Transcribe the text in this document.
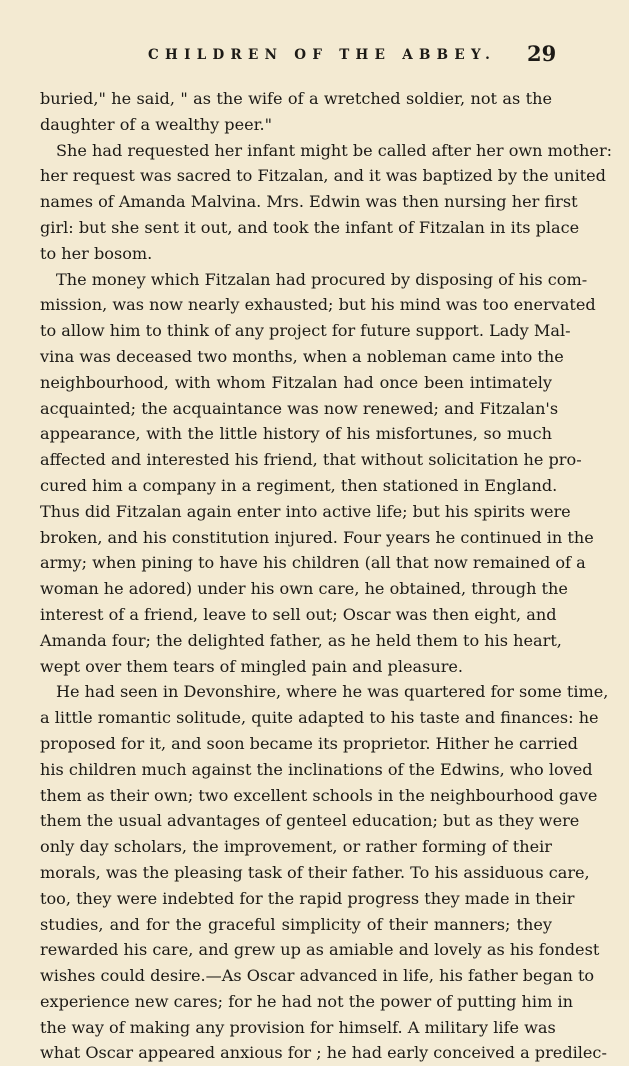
CHILDREN OF THE ABBEY. 29
buried," he said, " as the wife of a wretched soldier, not as the
daughter of a wealthy peer."
She had requested her infant might be called after her own mother:
her request was sacred to Fitzalan, and it was baptized by the united
names of Amanda Malvina. Mrs. Edwin was then nursing her first
girl: but she sent it out, and took the infant of Fitzalan in its place
to her bosom.
The money which Fitzalan had procured by disposing of his com-
mission, was now nearly exhausted; but his mind was too enervated
to allow him to think of any project for future support. Lady Mal-
vina was deceased two months, when a nobleman came into the
neighbourhood, with whom Fitzalan had once been intimately
acquainted; the acquaintance was now renewed; and Fitzalan's
appearance, with the little history of his misfortunes, so much
affected and interested his friend, that without solicitation he pro-
cured him a company in a regiment, then stationed in England.
Thus did Fitzalan again enter into active life; but his spirits were
broken, and his constitution injured. Four years he continued in the
army; when pining to have his children (all that now remained of a
woman he adored) under his own care, he obtained, through the
interest of a friend, leave to sell out; Oscar was then eight, and
Amanda four; the delighted father, as he held them to his heart,
wept over them tears of mingled pain and pleasure.
He had seen in Devonshire, where he was quartered for some time,
a little romantic solitude, quite adapted to his taste and finances: he
proposed for it, and soon became its proprietor. Hither he carried
his children much against the inclinations of the Edwins, who loved
them as their own; two excellent schools in the neighbourhood gave
them the usual advantages of genteel education; but as they were
only day scholars, the improvement, or rather forming of their
morals, was the pleasing task of their father. To his assiduous care,
too, they were indebted for the rapid progress they made in their
studies, and for the graceful simplicity of their manners; they
rewarded his care, and grew up as amiable and lovely as his fondest
wishes could desire.—As Oscar advanced in life, his father began to
experience new cares; for he had not the power of putting him in
the way of making any provision for himself. A military life was
what Oscar appeared anxious for ; he had early conceived a predilec-
